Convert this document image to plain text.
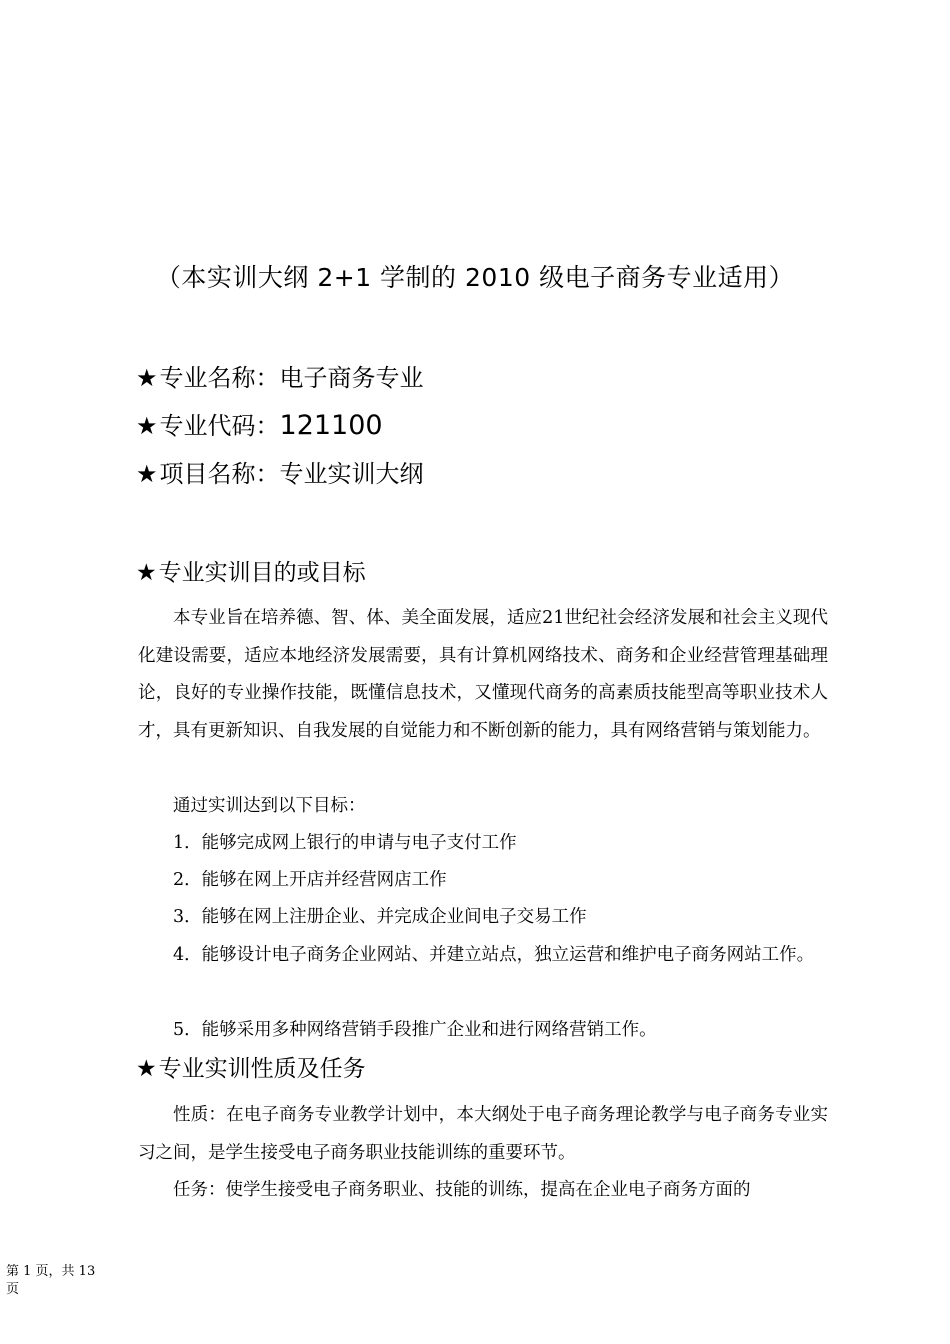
（本实训大纲 2+1 学制的 2010 级电子商务专业适用）
★专业名称：电子商务专业
★专业代码：121100
★项目名称：专业实训大纲
★专业实训目的或目标

本专业旨在培养德、智、体、美全面发展，适应21世纪社会经济发展和社会主义现代化建设需要，适应本地经济发展需要，具有计算机网络技术、商务和企业经营管理基础理论，良好的专业操作技能，既懂信息技术，又懂现代商务的高素质技能型高等职业技术人才，具有更新知识、自我发展的自觉能力和不断创新的能力，具有网络营销与策划能力。

通过实训达到以下目标：

1．能够完成网上银行的申请与电子支付工作

2．能够在网上开店并经营网店工作

3．能够在网上注册企业、并完成企业间电子交易工作

4．能够设计电子商务企业网站、并建立站点，独立运营和维护电子商务网站工作。

5．能够采用多种网络营销手段推广企业和进行网络营销工作。

★专业实训性质及任务

性质：在电子商务专业教学计划中，本大纲处于电子商务理论教学与电子商务专业实习之间，是学生接受电子商务职业技能训练的重要环节。

任务：使学生接受电子商务职业、技能的训练，提高在企业电子商务方面的

第 1 页，共 13 页
